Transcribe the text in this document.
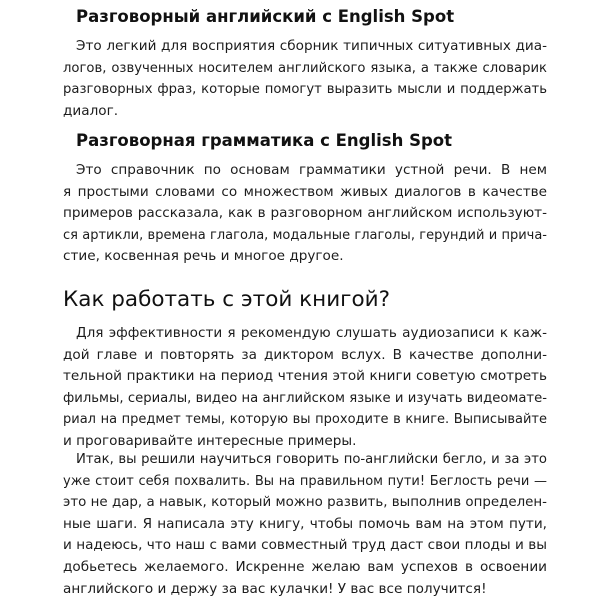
Разговорный английский с English Spot

Это легкий для восприятия сборник типичных ситуативных диа-
логов, озвученных носителем английского языка, а также словарик
разговорных фраз, которые помогут выразить мысли и поддержать
диалог.

Разговорная грамматика с English Spot

Это справочник по основам грамматики устной речи. В нем
я простыми словами со множеством живых диалогов в качестве
примеров рассказала, как в разговорном английском используют-
ся артикли, времена глагола, модальные глаголы, герундий и прича-
стие, косвенная речь и многое другое.

Как работать с этой книгой?

Для эффективности я рекомендую слушать аудиозаписи к каж-
дой главе и повторять за диктором вслух. В качестве дополни-
тельной практики на период чтения этой книги советую смотреть
фильмы, сериалы, видео на английском языке и изучать видеомате-
риал на предмет темы, которую вы проходите в книге. Выписывайте
и проговаривайте интересные примеры.

Итак, вы решили научиться говорить по-английски бегло, и за это
уже стоит себя похвалить. Вы на правильном пути! Беглость речи —
это не дар, а навык, который можно развить, выполнив определен-
ные шаги. Я написала эту книгу, чтобы помочь вам на этом пути,
и надеюсь, что наш с вами совместный труд даст свои плоды и вы
добьетесь желаемого. Искренне желаю вам успехов в освоении
английского и держу за вас кулачки! У вас все получится!
